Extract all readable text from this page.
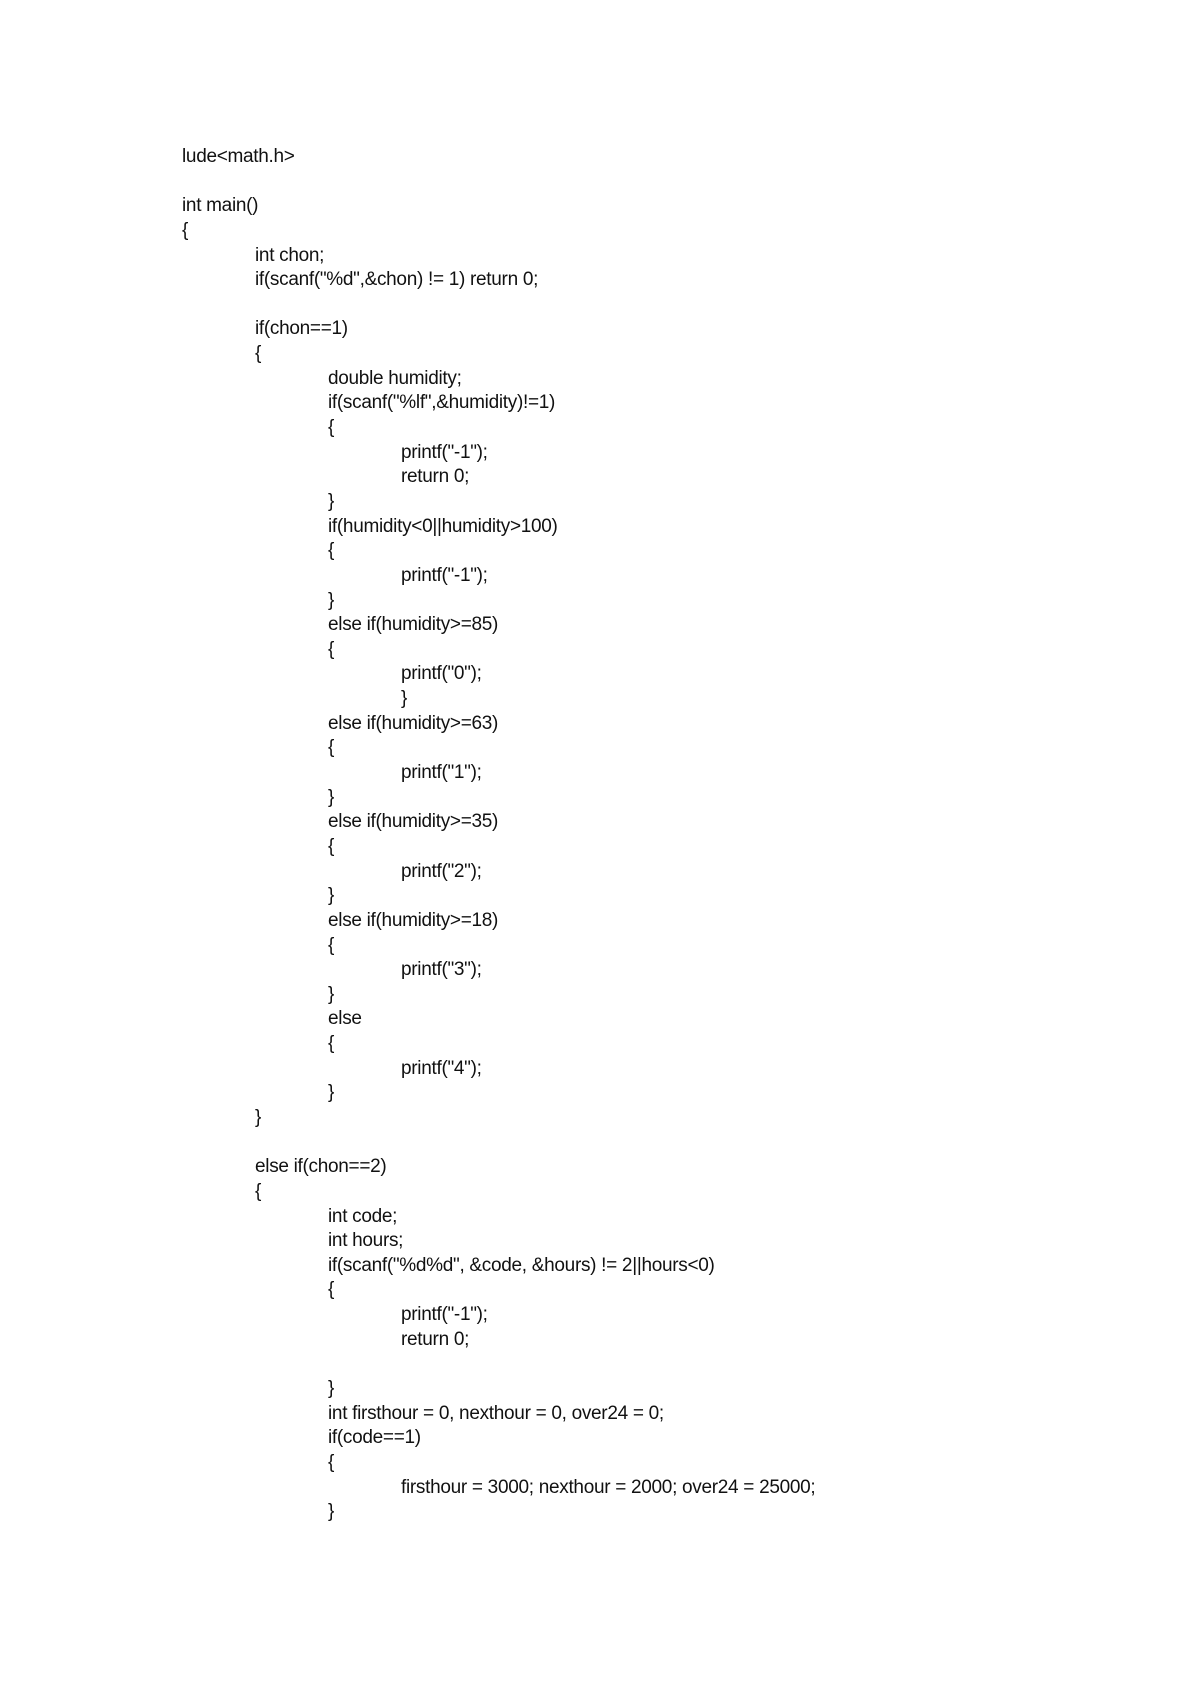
lude<math.h>
int main()
{
int chon;
if(scanf("%d",&chon) != 1) return 0;
if(chon==1)
{
double humidity;
if(scanf("%lf",&humidity)!=1)
{
printf("-1");
return 0;
}
if(humidity<0||humidity>100)
{
printf("-1");
}
else if(humidity>=85)
{
printf("0");
}
else if(humidity>=63)
{
printf("1");
}
else if(humidity>=35)
{
printf("2");
}
else if(humidity>=18)
{
printf("3");
}
else
{
printf("4");
}
}
else if(chon==2)
{
int code;
int hours;
if(scanf("%d%d", &code, &hours) != 2||hours<0)
{
printf("-1");
return 0;
}
int firsthour = 0, nexthour = 0, over24 = 0;
if(code==1)
{
firsthour = 3000; nexthour = 2000; over24 = 25000;
}
